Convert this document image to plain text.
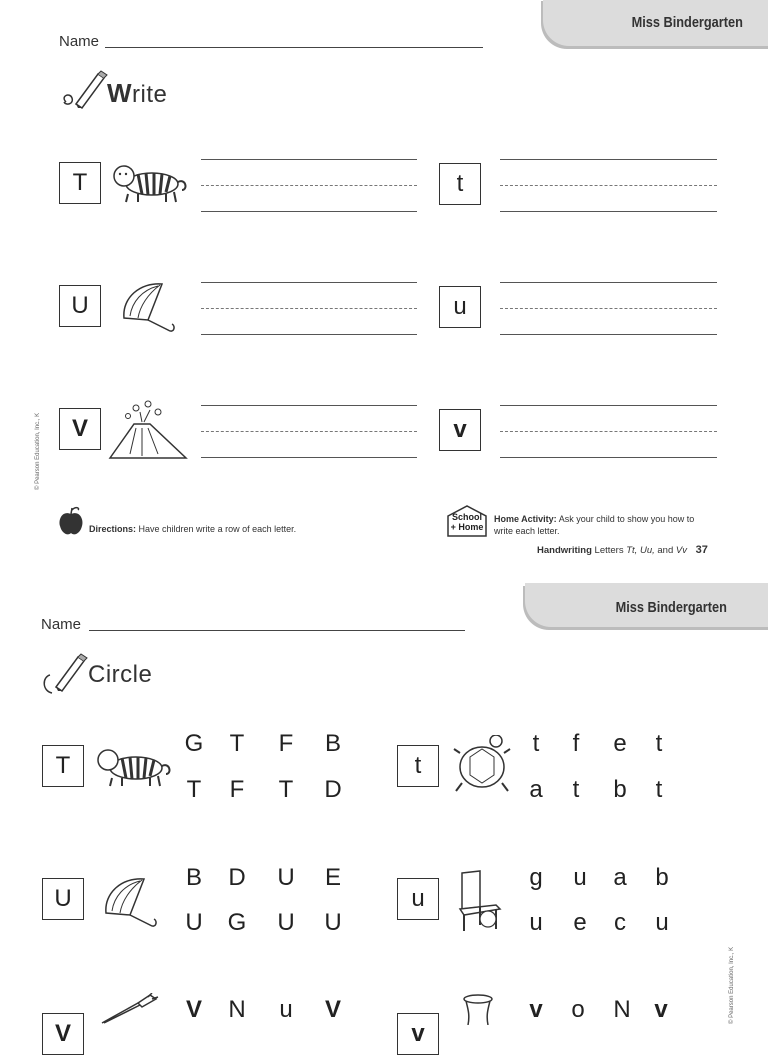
Miss Bindergarten
Name
Write
T	t
U	u
V	v
© Pearson Education, Inc., K
Directions: Have children write a row of each letter.
School
+ Home
Home Activity: Ask your child to show you how to
write each letter.
Handwriting Letters Tt, Uu, and Vv 37
Miss Bindergarten
Name
Circle
T
G	T	F	B
T	F	T	D
t
t	f	e	t
a	t	b	t
U
B D U E
U G U U
u
g	u	a	b
u	e	c	u
V
V N	u	V
v
v	o	N v	© Pearson Education, Inc., K
